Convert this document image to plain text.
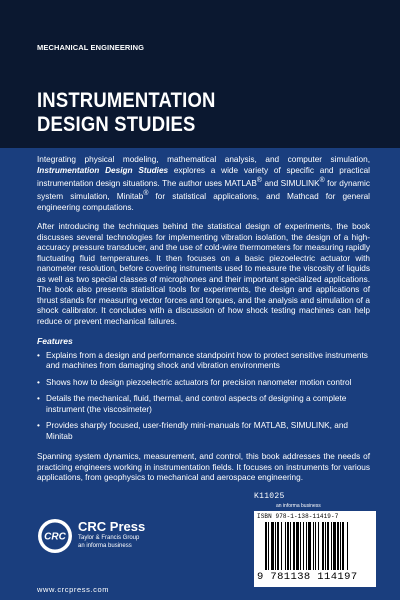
MECHANICAL ENGINEERING
INSTRUMENTATION
DESIGN STUDIES

Integrating physical modeling, mathematical analysis, and computer simulation, Instrumentation Design Studies explores a wide variety of specific and practical instrumentation design situations. The author uses MATLAB® and SIMULINK® for dynamic system simulation, Minitab® for statistical applications, and Mathcad for general engineering computations.

After introducing the techniques behind the statistical design of experiments, the book discusses several technologies for implementing vibration isolation, the design of a high-accuracy pressure transducer, and the use of cold-wire thermometers for measuring rapidly fluctuating fluid temperatures. It then focuses on a basic piezoelectric actuator with nanometer resolution, before covering instruments used to measure the viscosity of liquids as well as two special classes of microphones and their important specialized applications. The book also presents statistical tools for experiments, the design and applications of thrust stands for measuring vector forces and torques, and the analysis and simulation of a shock calibrator. It concludes with a discussion of how shock testing machines can help reduce or prevent mechanical failures.

Features
• Explains from a design and performance standpoint how to protect sensitive instruments and machines from damaging shock and vibration environments
• Shows how to design piezoelectric actuators for precision nanometer motion control
• Details the mechanical, fluid, thermal, and control aspects of designing a complete instrument (the viscosimeter)
• Provides sharply focused, user-friendly mini-manuals for MATLAB, SIMULINK, and Minitab

Spanning system dynamics, measurement, and control, this book addresses the needs of practicing engineers working in instrumentation fields. It focuses on instruments for various applications, from geophysics to mechanical and aerospace engineering.

K11025
an informa business
ISBN 978-1-138-11419-7
9 781138 114197
CRC
CRC Press
Taylor & Francis Group
an informa business
www.crcpress.com
